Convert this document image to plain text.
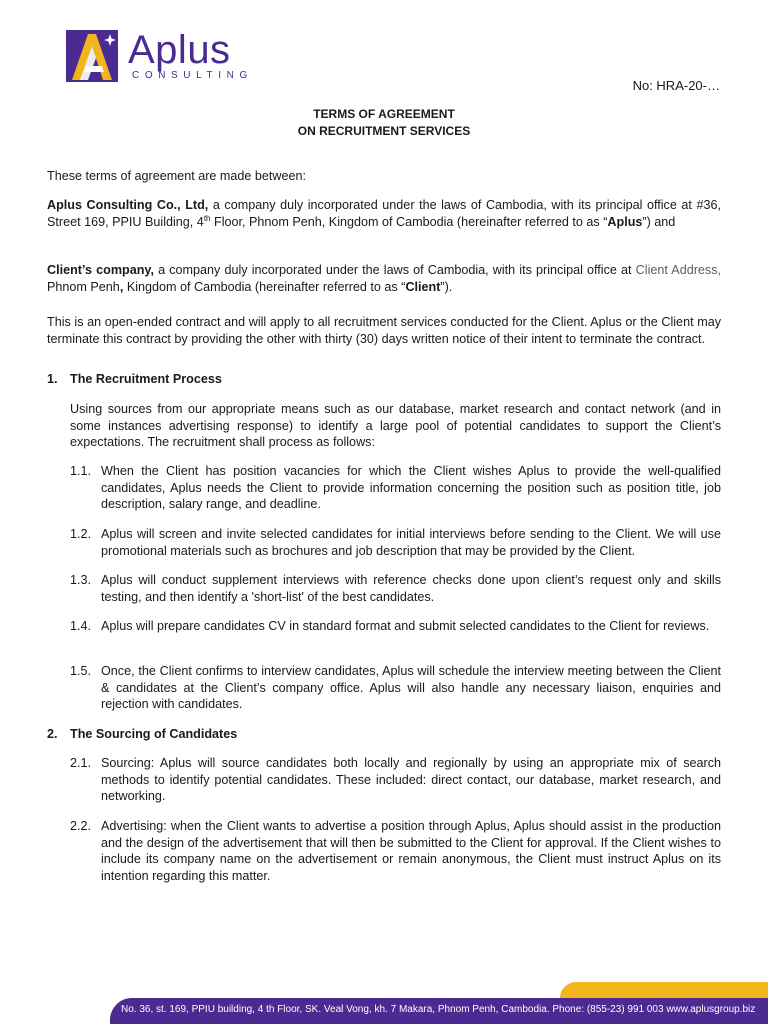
Aplus
CONSULTING
No: HRA-20-…
TERMS OF AGREEMENT
ON RECRUITMENT SERVICES

These terms of agreement are made between:

Aplus Consulting Co., Ltd, a company duly incorporated under the laws of Cambodia, with its principal office at #36, Street 169, PPIU Building, 4th Floor, Phnom Penh, Kingdom of Cambodia (hereinafter referred to as “Aplus”) and

Client’s company, a company duly incorporated under the laws of Cambodia, with its principal office at Client Address, Phnom Penh, Kingdom of Cambodia (hereinafter referred to as “Client”).

This is an open-ended contract and will apply to all recruitment services conducted for the Client. Aplus or the Client may terminate this contract by providing the other with thirty (30) days written notice of their intent to terminate the contract.

1. The Recruitment Process

Using sources from our appropriate means such as our database, market research and contact network (and in some instances advertising response) to identify a large pool of potential candidates to support the Client’s expectations. The recruitment shall process as follows:

1.1. When the Client has position vacancies for which the Client wishes Aplus to provide the well-qualified candidates, Aplus needs the Client to provide information concerning the position such as position title, job description, salary range, and deadline.

1.2. Aplus will screen and invite selected candidates for initial interviews before sending to the Client. We will use promotional materials such as brochures and job description that may be provided by the Client.

1.3. Aplus will conduct supplement interviews with reference checks done upon client’s request only and skills testing, and then identify a 'short-list' of the best candidates.

1.4. Aplus will prepare candidates CV in standard format and submit selected candidates to the Client for reviews.

1.5. Once, the Client confirms to interview candidates, Aplus will schedule the interview meeting between the Client & candidates at the Client’s company office. Aplus will also handle any necessary liaison, enquiries and rejection with candidates.

2. The Sourcing of Candidates
2.1. Sourcing: Aplus will source candidates both locally and regionally by using an appropriate mix of search methods to identify potential candidates. These included: direct contact, our database, market research, and networking.

2.2. Advertising: when the Client wants to advertise a position through Aplus, Aplus should assist in the production and the design of the advertisement that will then be submitted to the Client for approval. If the Client wishes to include its company name on the advertisement or remain anonymous, the Client must instruct Aplus on its intention regarding this matter.

No. 36, st. 169, PPIU building, 4 th Floor, SK. Veal Vong, kh. 7 Makara, Phnom Penh, Cambodia. Phone: (855-23) 991 003 www.aplusgroup.biz
